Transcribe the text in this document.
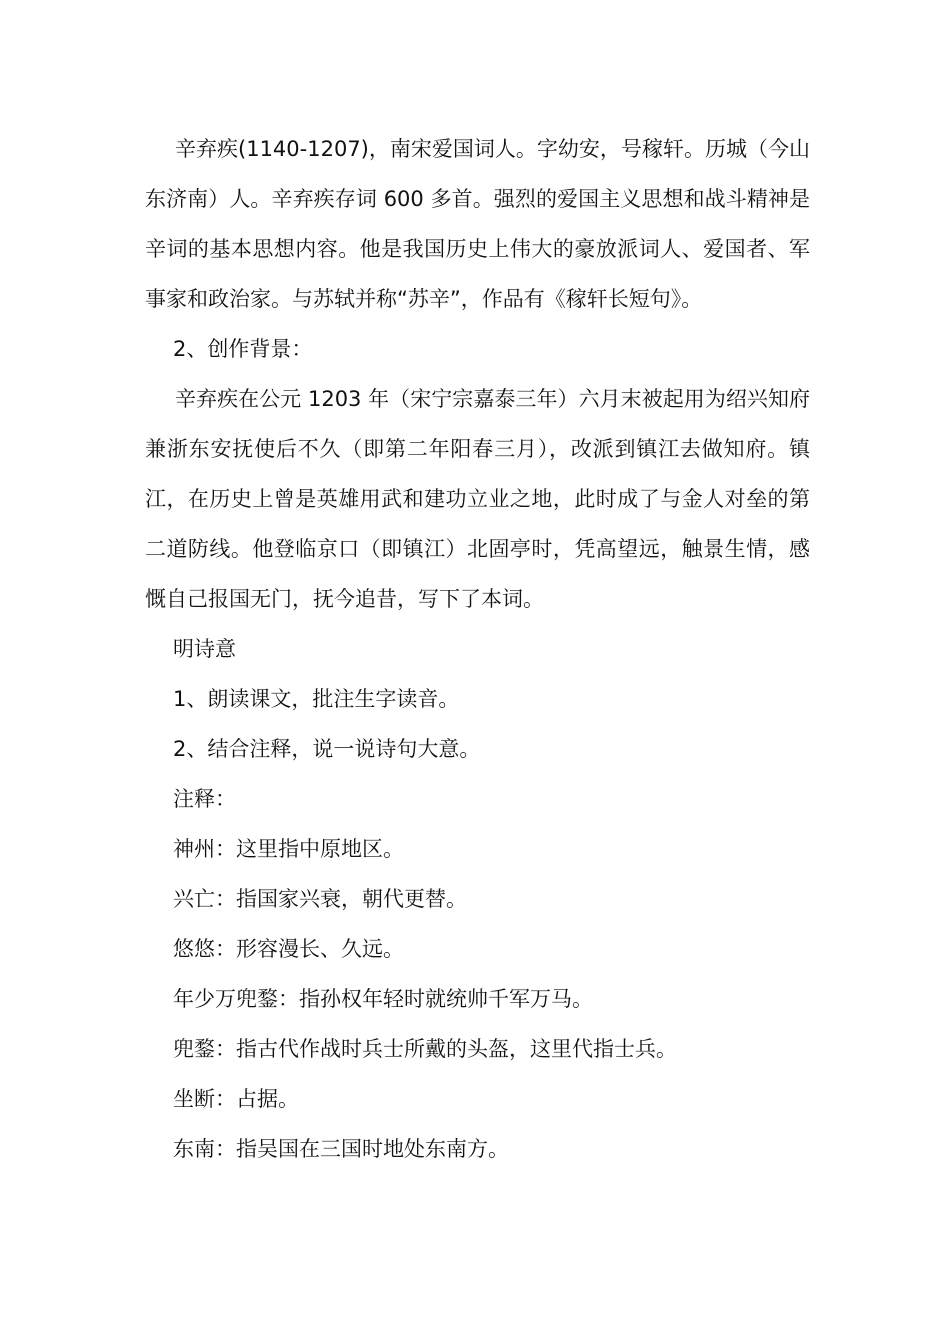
辛弃疾(1140-1207)，南宋爱国词人。字幼安，号稼轩。历城（今山东济南）人。辛弃疾存词 600 多首。强烈的爱国主义思想和战斗精神是辛词的基本思想内容。他是我国历史上伟大的豪放派词人、爱国者、军事家和政治家。与苏轼并称“苏辛”，作品有《稼轩长短句》。

2、创作背景：

辛弃疾在公元 1203 年（宋宁宗嘉泰三年）六月末被起用为绍兴知府兼浙东安抚使后不久（即第二年阳春三月），改派到镇江去做知府。镇江，在历史上曾是英雄用武和建功立业之地，此时成了与金人对垒的第二道防线。他登临京口（即镇江）北固亭时，凭高望远，触景生情，感慨自己报国无门，抚今追昔，写下了本词。

明诗意

1、朗读课文，批注生字读音。

2、结合注释，说一说诗句大意。

注释：

神州：这里指中原地区。

兴亡：指国家兴衰，朝代更替。

悠悠：形容漫长、久远。

年少万兜鍪：指孙权年轻时就统帅千军万马。

兜鍪：指古代作战时兵士所戴的头盔，这里代指士兵。

坐断：占据。

东南：指吴国在三国时地处东南方。
